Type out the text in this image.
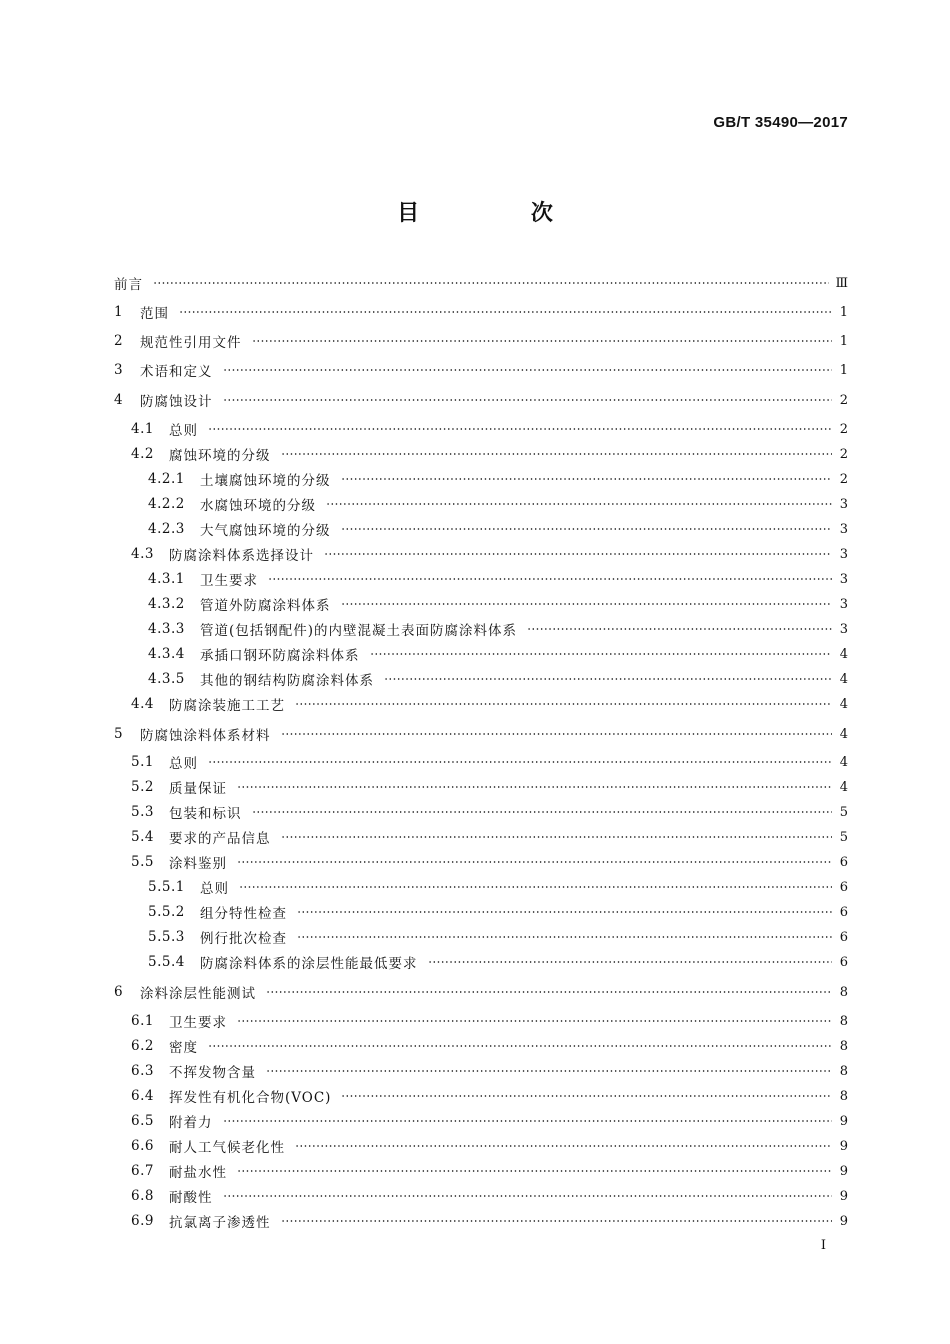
GB/T 35490—2017
目 次
前言	Ⅲ
1	范围	1
2	规范性引用文件	1
3	术语和定义	1
4	防腐蚀设计	2
4.1	总则	2
4.2	腐蚀环境的分级	2
4.2.1	土壤腐蚀环境的分级	2
4.2.2	水腐蚀环境的分级	3
4.2.3	大气腐蚀环境的分级	3
4.3	防腐涂料体系选择设计	3
4.3.1	卫生要求	3
4.3.2	管道外防腐涂料体系	3
4.3.3	管道(包括钢配件)的内壁混凝土表面防腐涂料体系	3
4.3.4	承插口钢环防腐涂料体系	4
4.3.5	其他的钢结构防腐涂料体系	4
4.4	防腐涂装施工工艺	4
5	防腐蚀涂料体系材料	4
5.1	总则	4
5.2	质量保证	4
5.3	包装和标识	5
5.4	要求的产品信息	5
5.5	涂料鉴别	6
5.5.1	总则	6
5.5.2	组分特性检查	6
5.5.3	例行批次检查	6
5.5.4	防腐涂料体系的涂层性能最低要求	6
6	涂料涂层性能测试	8
6.1	卫生要求	8
6.2	密度	8
6.3	不挥发物含量	8
6.4	挥发性有机化合物(VOC)	8
6.5	附着力	9
6.6	耐人工气候老化性	9
6.7	耐盐水性	9
6.8	耐酸性	9
6.9	抗氯离子渗透性	9
I
